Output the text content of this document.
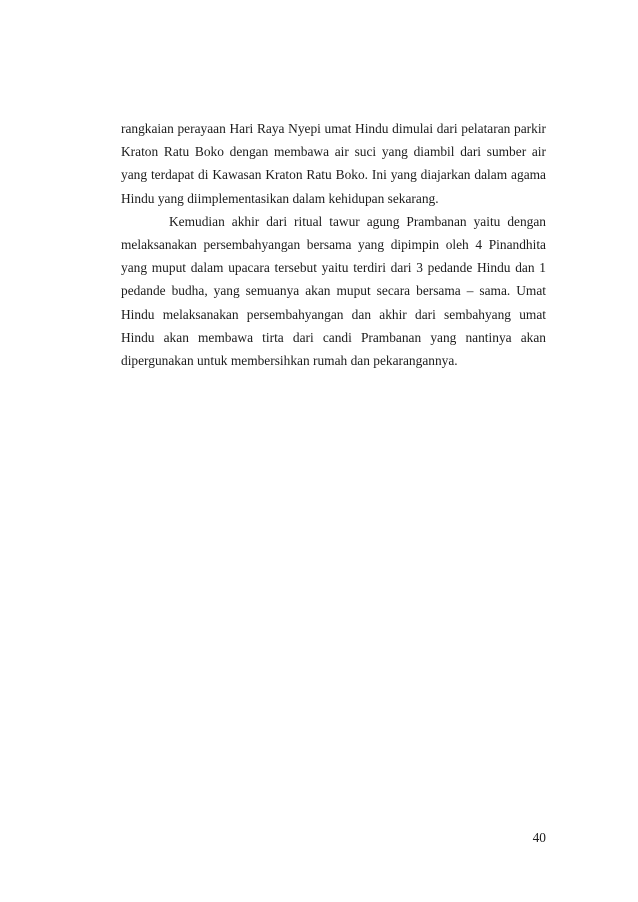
rangkaian perayaan Hari Raya Nyepi umat Hindu dimulai dari pelataran parkir Kraton Ratu Boko dengan membawa air suci yang diambil dari sumber air yang terdapat di Kawasan Kraton Ratu Boko. Ini yang diajarkan dalam agama Hindu yang diimplementasikan dalam kehidupan sekarang.

Kemudian akhir dari ritual tawur agung Prambanan yaitu dengan melaksanakan persembahyangan bersama yang dipimpin oleh 4 Pinandhita yang muput dalam upacara tersebut yaitu terdiri dari 3 pedande Hindu dan 1 pedande budha, yang semuanya akan muput secara bersama – sama. Umat Hindu melaksanakan persembahyangan dan akhir dari sembahyang umat Hindu akan membawa tirta dari candi Prambanan yang nantinya akan dipergunakan untuk membersihkan rumah dan pekarangannya.

40
